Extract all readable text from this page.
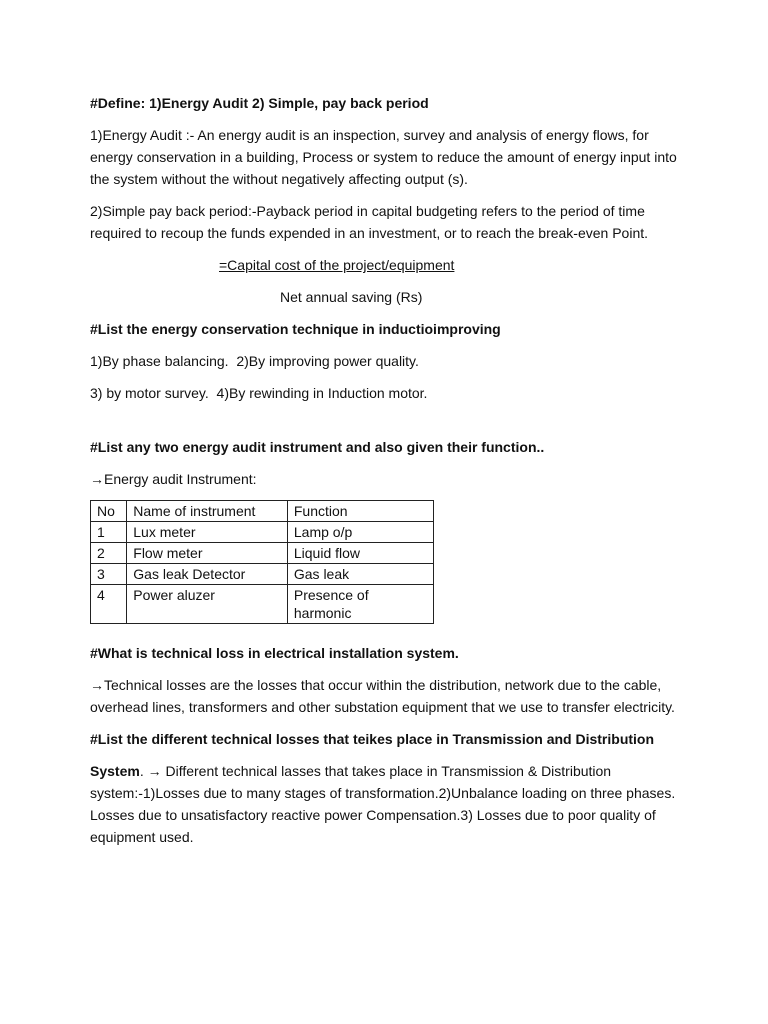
#Define: 1)Energy Audit 2) Simple, pay back period

1)Energy Audit :- An energy audit is an inspection, survey and analysis of energy flows, for energy conservation in a building, Process or system to reduce the amount of energy input into the system without the without negatively affecting output (s).

2)Simple pay back period:-Payback period in capital budgeting refers to the period of time required to recoup the funds expended in an investment, or to reach the break-even Point.

=Capital cost of the project/equipment

Net annual saving (Rs)

#List the energy conservation technique in inductioimproving

1)By phase balancing.  2)By improving power quality.

3) by motor survey.  4)By rewinding in Induction motor.

#List any two energy audit instrument and also given their function..

→Energy audit Instrument:

No	Name of instrument	Function
1	Lux meter	Lamp o/p
2	Flow meter	Liquid flow
3	Gas leak Detector	Gas leak
4	Power aluzer	Presence of harmonic

#What is technical loss in electrical installation system.

→Technical losses are the losses that occur within the distribution, network due to the cable, overhead lines, transformers and other substation equipment that we use to transfer electricity.

#List the different technical losses that teikes place in Transmission and Distribution

System. → Different technical lasses that takes place in Transmission & Distribution system:-1)Losses due to many stages of transformation.2)Unbalance loading on three phases. Losses due to unsatisfactory reactive power Compensation.3) Losses due to poor quality of equipment used.
